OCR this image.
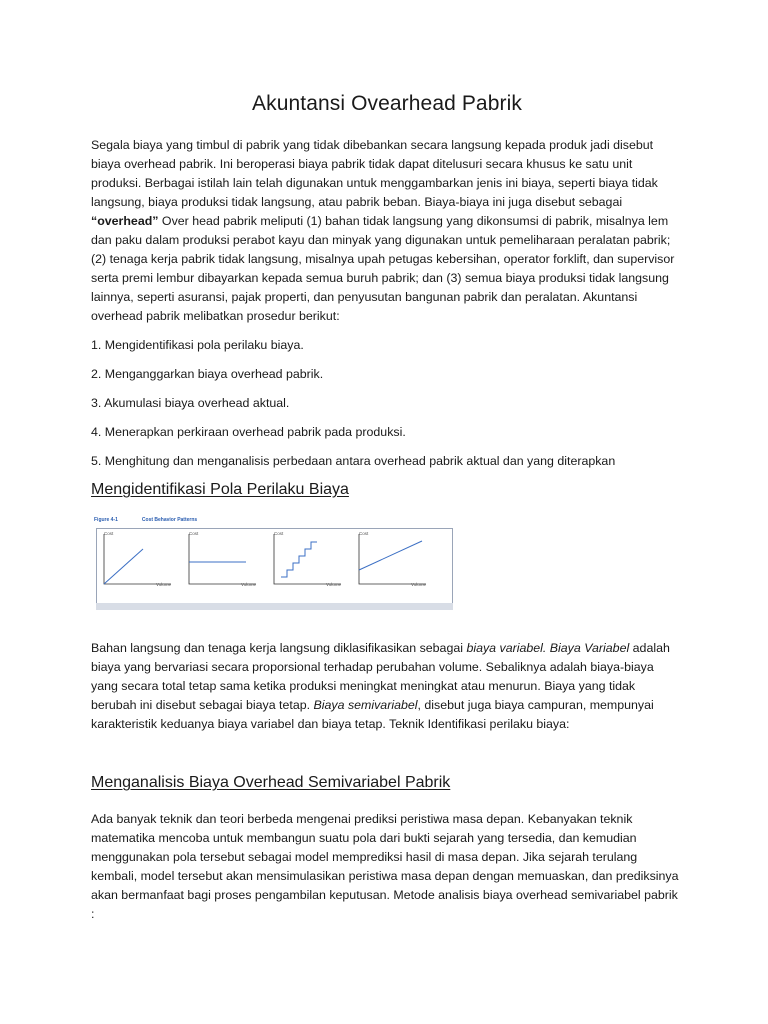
Akuntansi Ovearhead Pabrik

Segala biaya yang timbul di pabrik yang tidak dibebankan secara langsung kepada produk jadi disebut biaya overhead pabrik. Ini beroperasi biaya pabrik tidak dapat ditelusuri secara khusus ke satu unit produksi. Berbagai istilah lain telah digunakan untuk menggambarkan jenis ini biaya, seperti biaya tidak langsung, biaya produksi tidak langsung, atau pabrik beban. Biaya-biaya ini juga disebut sebagai “overhead” Over head pabrik meliputi (1) bahan tidak langsung yang dikonsumsi di pabrik, misalnya lem dan paku dalam produksi perabot kayu dan minyak yang digunakan untuk pemeliharaan peralatan pabrik; (2) tenaga kerja pabrik tidak langsung, misalnya upah petugas kebersihan, operator forklift, dan supervisor serta premi lembur dibayarkan kepada semua buruh pabrik; dan (3) semua biaya produksi tidak langsung lainnya, seperti asuransi, pajak properti, dan penyusutan bangunan pabrik dan peralatan. Akuntansi overhead pabrik melibatkan prosedur berikut:

1. Mengidentifikasi pola perilaku biaya.

2. Menganggarkan biaya overhead pabrik.

3. Akumulasi biaya overhead aktual.

4. Menerapkan perkiraan overhead pabrik pada produksi.

5. Menghitung dan menganalisis perbedaan antara overhead pabrik aktual dan yang diterapkan

Mengidentifikasi Pola Perilaku Biaya
Figure 4-1	Cost Behavior Patterns
Cost
Volume
Cost
Volume
Cost
Volume
Cost
Volume

Bahan langsung dan tenaga kerja langsung diklasifikasikan sebagai biaya variabel. Biaya Variabel adalah biaya yang bervariasi secara proporsional terhadap perubahan volume. Sebaliknya adalah biaya-biaya yang secara total tetap sama ketika produksi meningkat meningkat atau menurun. Biaya yang tidak berubah ini disebut sebagai biaya tetap. Biaya semivariabel, disebut juga biaya campuran, mempunyai karakteristik keduanya biaya variabel dan biaya tetap. Teknik Identifikasi perilaku biaya:

Menganalisis Biaya Overhead Semivariabel Pabrik

Ada banyak teknik dan teori berbeda mengenai prediksi peristiwa masa depan. Kebanyakan teknik matematika mencoba untuk membangun suatu pola dari bukti sejarah yang tersedia, dan kemudian menggunakan pola tersebut sebagai model memprediksi hasil di masa depan. Jika sejarah terulang kembali, model tersebut akan mensimulasikan peristiwa masa depan dengan memuaskan, dan prediksinya akan bermanfaat bagi proses pengambilan keputusan. Metode analisis biaya overhead semivariabel pabrik :
